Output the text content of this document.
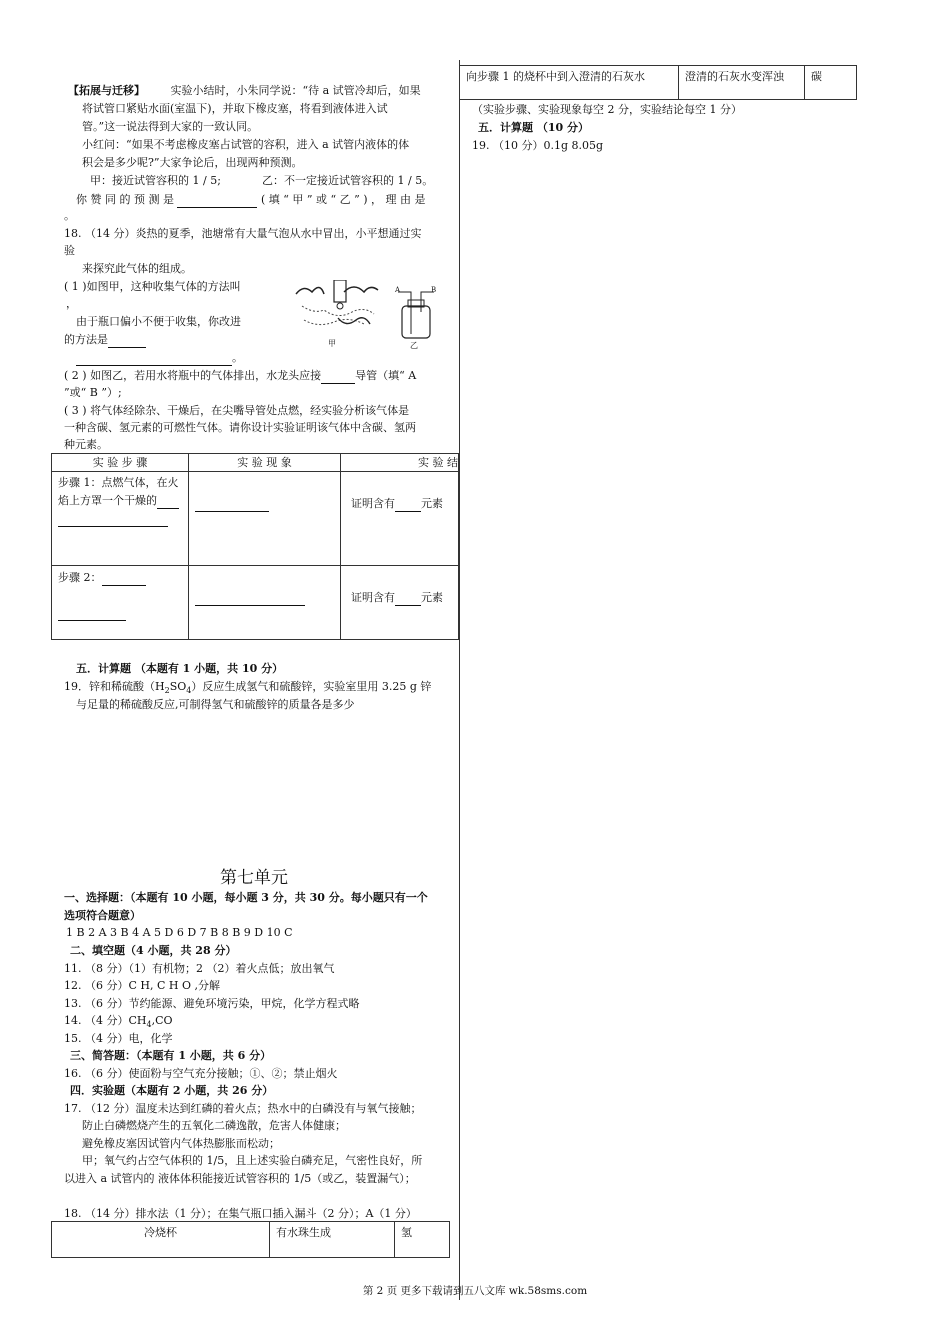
【拓展与迁移】 实验小结时，小朱同学说：“待 a 试管冷却后，如果
将试管口紧贴水面(室温下)，并取下橡皮塞，将看到液体进入试
管。”这一说法得到大家的一致认同。
小红问：“如果不考虑橡皮塞占试管的容积，进入 a 试管内液体的体
积会是多少呢?”大家争论后，出现两种预测。
甲：接近试管容积的 1 / 5;	乙：不一定接近试管容积的 1 / 5。
你 赞 同 的 预 测 是	( 填 “ 甲 ” 或 “ 乙 ” ) ， 理 由 是
。
18. （14 分）炎热的夏季，池塘常有大量气泡从水中冒出，小平想通过实
验
来探究此气体的组成。
( 1 )如图甲，这种收集气体的方法叫
，
由于瓶口偏小不便于收集，你改进
的方法是
。
甲
A	B
乙
( 2 ) 如图乙，若用水将瓶中的气体排出，水龙头应接	导管（填“ A
”或“ B ”）;
( 3 ) 将气体经除杂、干燥后，在尖嘴导管处点燃，经实验分析该气体是
一种含碳、氢元素的可燃性气体。请你设计实验证明该气体中含碳、氢两
种元素。
实 验 步 骤	实 验 现 象	实 验 结
步骤 1：点燃气体，在火焰上方罩一个干燥的		证明含有 元素
步骤 2：		证明含有 元素
五．计算题 （本题有 1 小题，共 10 分）
19．锌和稀硫酸$(H_2SO_4)$反应生成氢气和硫酸锌，实验室里用 3.25 g 锌
与足量的稀硫酸反应,可制得氢气和硫酸锌的质量各是多少
第七单元
一、选择题：（本题有 10 小题，每小题 3 分，共 30 分。每小题只有一个
选项符合题意）
1 B 2 A 3 B 4 A 5 D 6 D 7 B 8 B 9 D 10 C
二、填空题（4 小题，共 28 分）
11. （8 分）（1）有机物；2 （2）着火点低；放出氧气
12. （6 分）C H, C H O ,分解
13. （6 分）节约能源、避免环境污染，甲烷，化学方程式略
14. （4 分）$CH_4,CO$
15. （4 分）电，化学
三、简答题：（本题有 1 小题，共 6 分）
16. （6 分）使面粉与空气充分接触；①、②；禁止烟火
四．实验题（本题有 2 小题，共 26 分）
17. （12 分）温度未达到红磷的着火点；热水中的白磷没有与氧气接触；
防止白磷燃烧产生的五氧化二磷逸散，危害人体健康；
避免橡皮塞因试管内气体热膨胀而松动；
甲；氧气约占空气体积的 1/5，且上述实验白磷充足，气密性良好，所
以进入 a 试管内的 液体体积能接近试管容积的 1/5（或乙，装置漏气）；
18. （14 分）排水法（1 分）；在集气瓶口插入漏斗（2 分）；A（1 分）
冷烧杯	有水珠生成	氢
向步骤 1 的烧杯中到入澄清的石灰水	澄清的石灰水变浑浊	碳
（实验步骤、实验现象每空 2 分，实验结论每空 1 分）
五．计算题 （10 分）
19. （10 分）0.1g 8.05g
第 2 页 更多下载请到五八文库 wk.58sms.com
